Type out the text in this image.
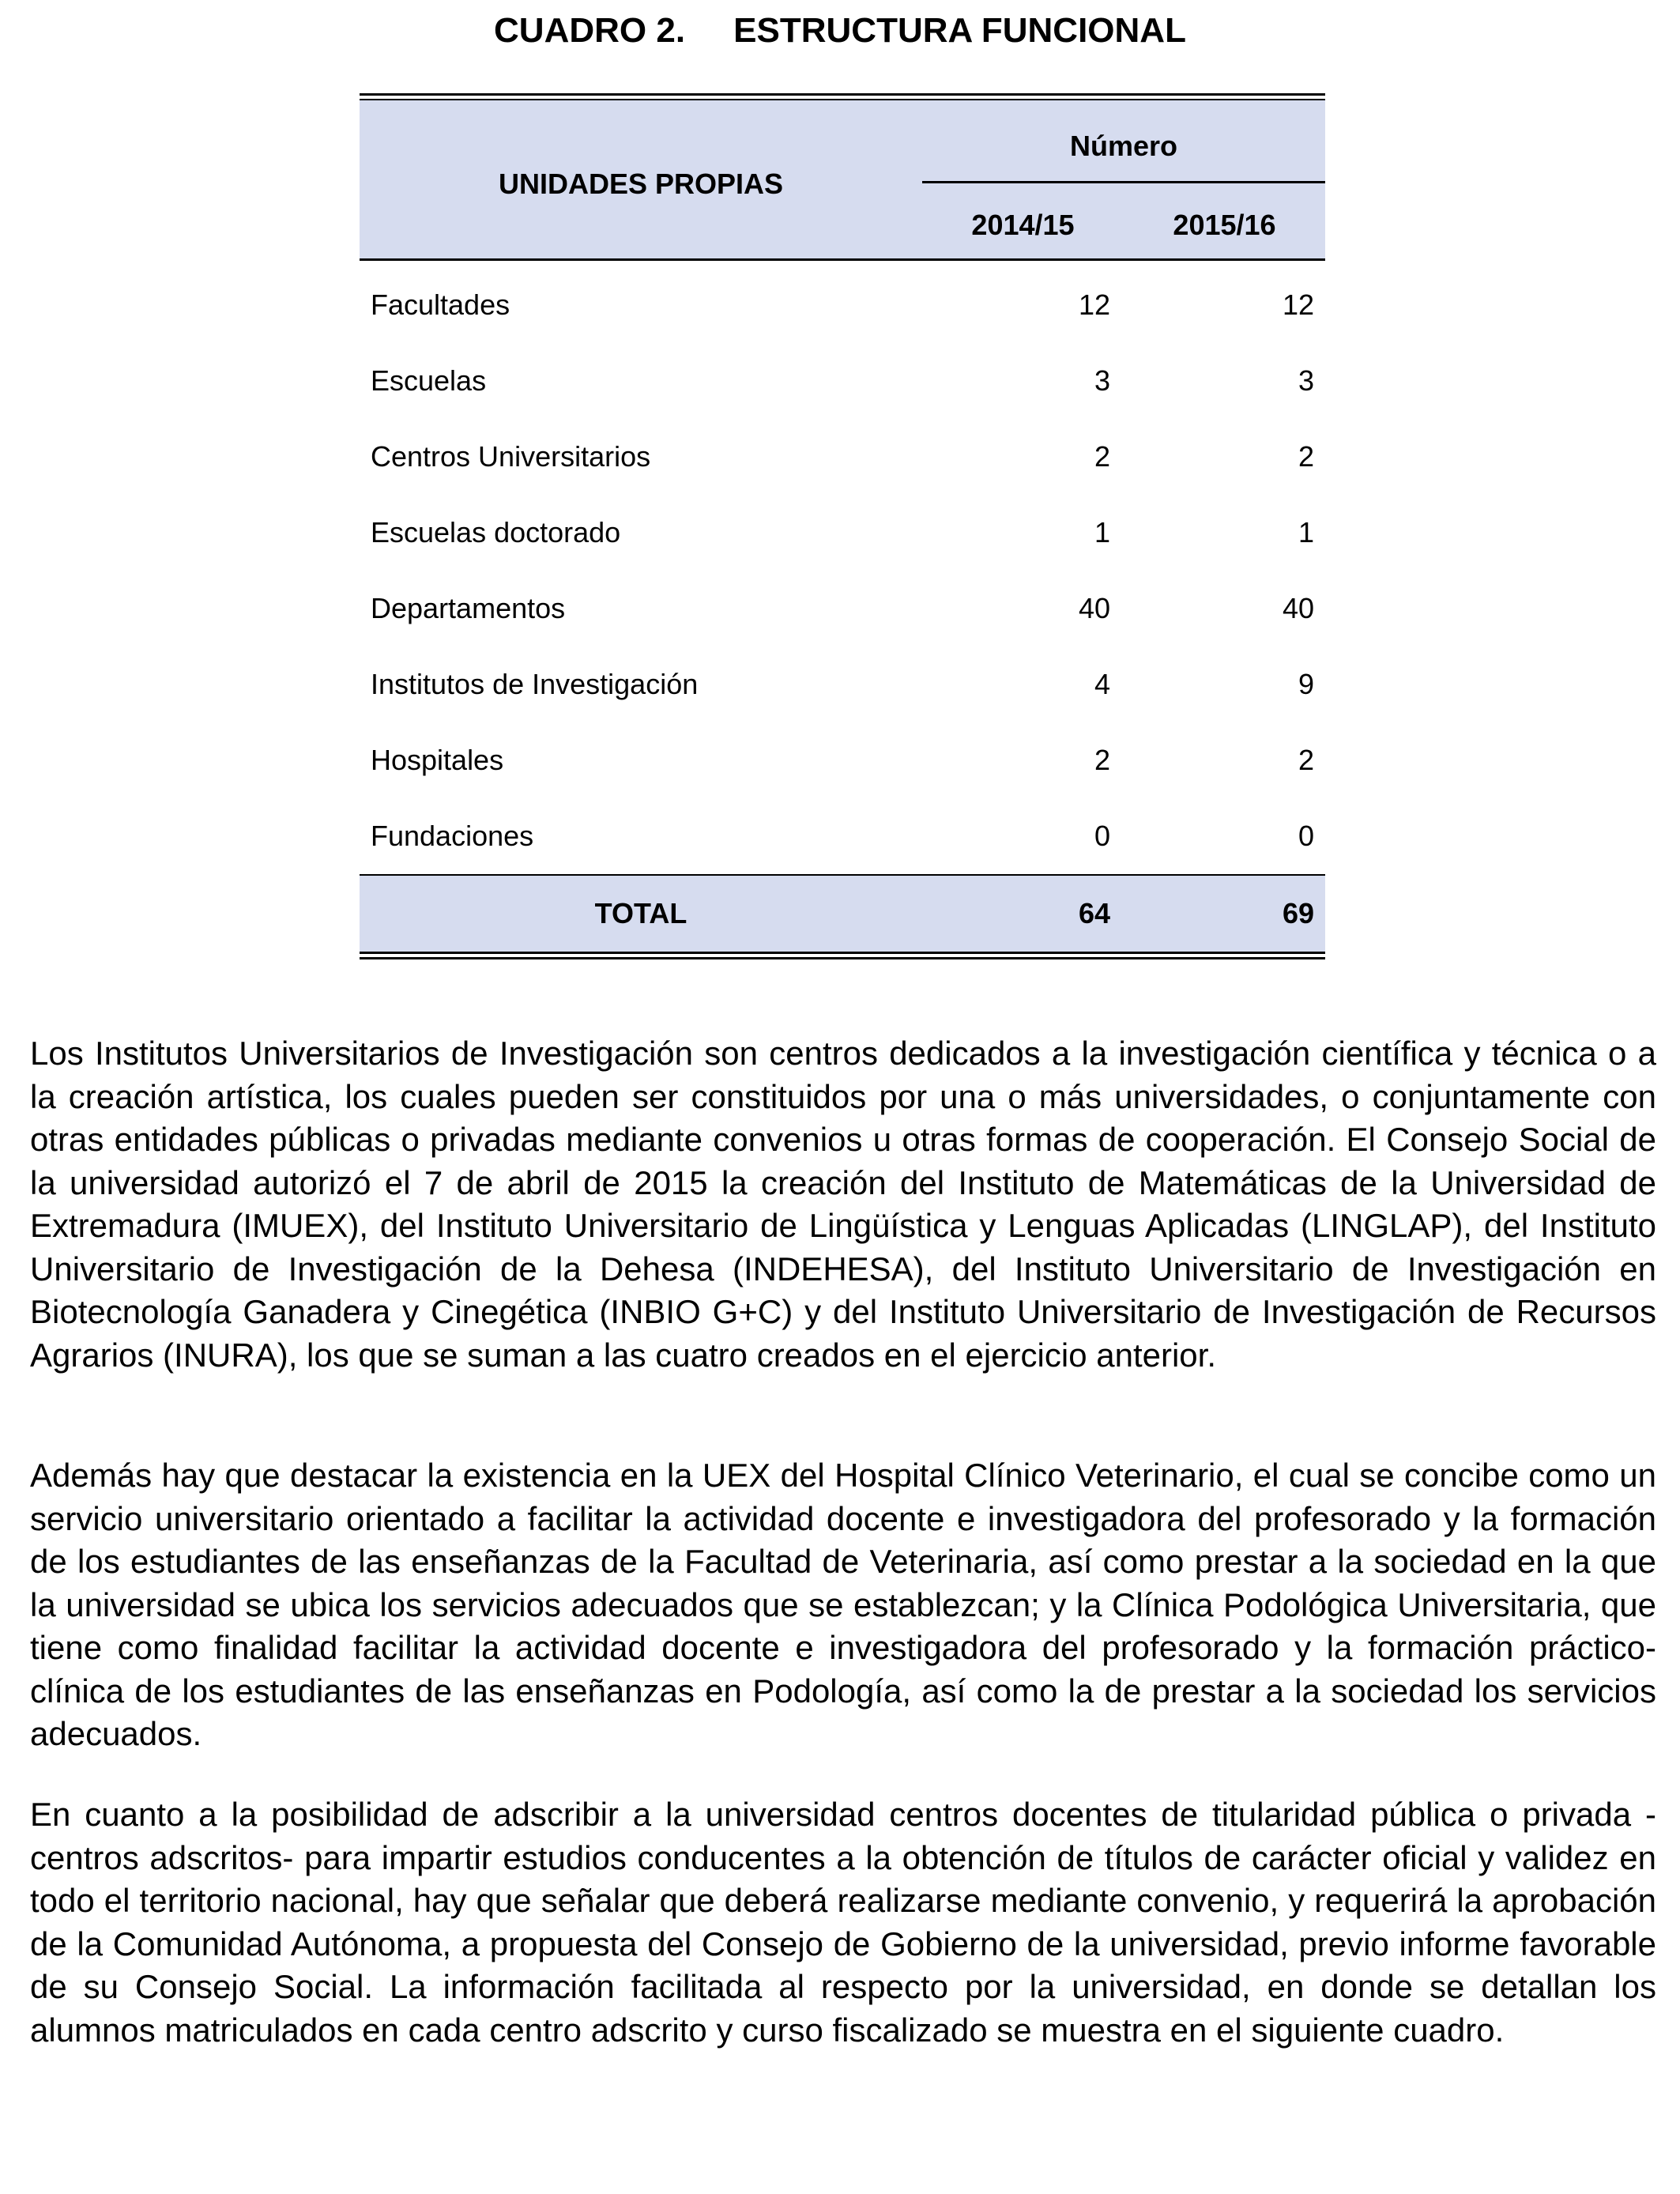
CUADRO 2.     ESTRUCTURA FUNCIONAL
UNIDADES PROPIAS
Número
2014/15	2015/16
Facultades	12	12
Escuelas	3	3
Centros Universitarios	2	2
Escuelas doctorado	1	1
Departamentos	40	40
Institutos de Investigación	4	9
Hospitales	2	2
Fundaciones	0	0
TOTAL	64	69
Los Institutos Universitarios de Investigación son centros dedicados a la investigación científica y técnica o a la creación artística, los cuales pueden ser constituidos por una o más universidades, o conjuntamente con otras entidades públicas o privadas mediante convenios u otras formas de cooperación. El Consejo Social de la universidad autorizó el 7 de abril de 2015 la creación del Instituto de Matemáticas de la Universidad de Extremadura (IMUEX), del Instituto Universitario de Lingüística y Lenguas Aplicadas (LINGLAP), del Instituto Universitario de Investigación de la Dehesa (INDEHESA), del Instituto Universitario de Investigación en Biotecnología Ganadera y Cinegética (INBIO G+C) y del Instituto Universitario de Investigación de Recursos Agrarios (INURA), los que se suman a las cuatro creados en el ejercicio anterior.
Además hay que destacar la existencia en la UEX del Hospital Clínico Veterinario, el cual se concibe como un servicio universitario orientado a facilitar la actividad docente e investigadora del profesorado y la formación de los estudiantes de las enseñanzas de la Facultad de Veterinaria, así como prestar a la sociedad en la que la universidad se ubica los servicios adecuados que se establezcan; y la Clínica Podológica Universitaria, que tiene como finalidad facilitar la actividad docente e investigadora del profesorado y la formación práctico-clínica de los estudiantes de las enseñanzas en Podología, así como la de prestar a la sociedad los servicios adecuados.
En cuanto a la posibilidad de adscribir a la universidad centros docentes de titularidad pública o privada -centros adscritos- para impartir estudios conducentes a la obtención de títulos de carácter oficial y validez en todo el territorio nacional, hay que señalar que deberá realizarse mediante convenio, y requerirá la aprobación de la Comunidad Autónoma, a propuesta del Consejo de Gobierno de la universidad, previo informe favorable de su Consejo Social. La información facilitada al respecto por la universidad, en donde se detallan los alumnos matriculados en cada centro adscrito y curso fiscalizado se muestra en el siguiente cuadro.
